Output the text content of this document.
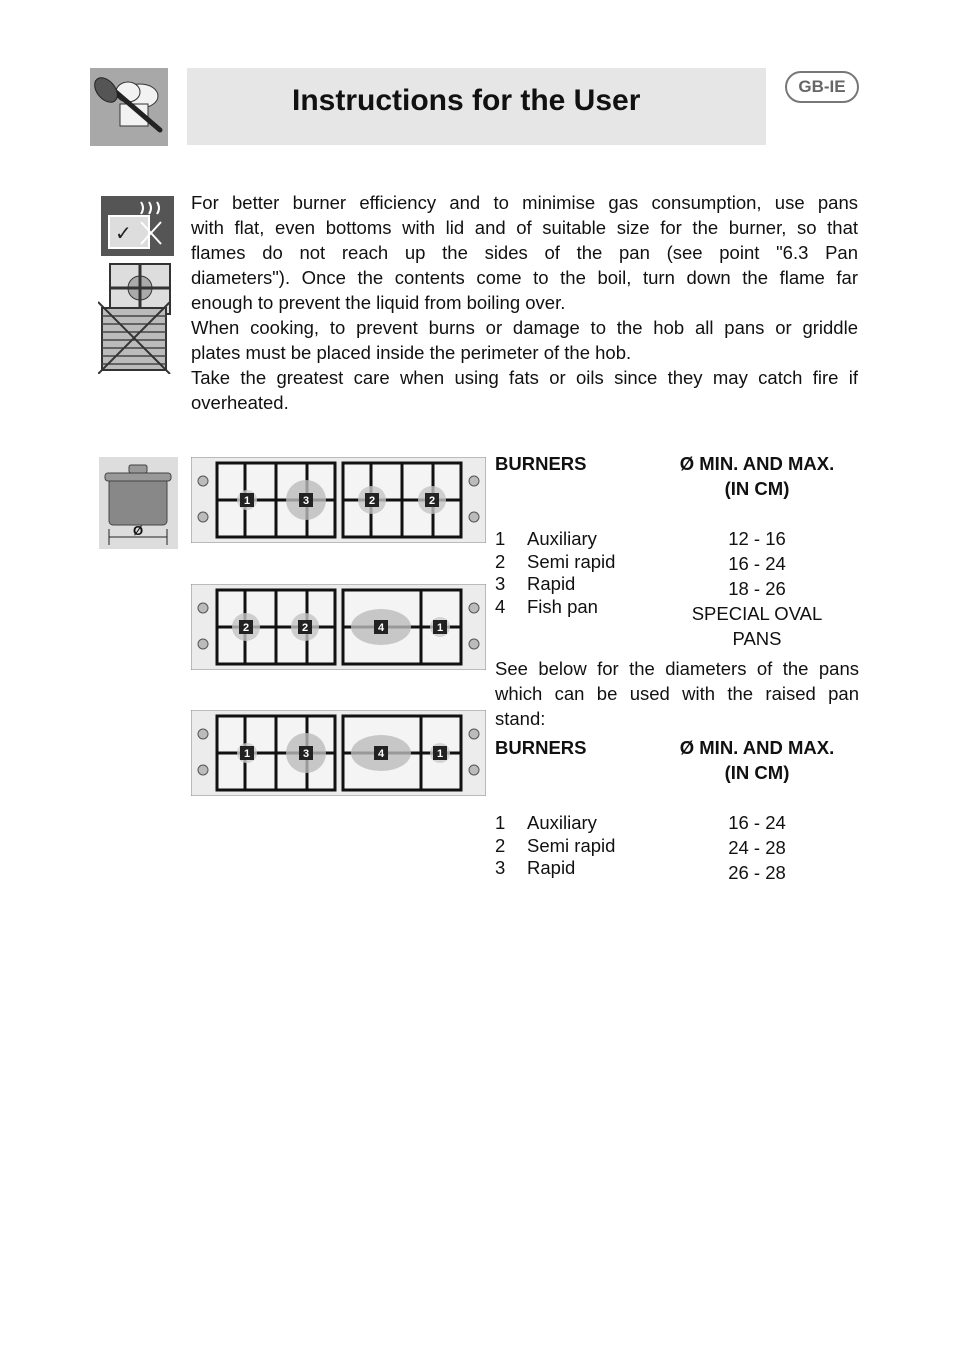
Instructions for the User	GB-IE
✓
For better burner efficiency and to minimise gas consumption, use pans
with flat, even bottoms with lid and of suitable size for the burner, so that
flames do not reach up the sides of the pan (see point "6.3 Pan
diameters"). Once the contents come to the boil, turn down the flame far
enough to prevent the liquid from boiling over.
When cooking, to prevent burns or damage to the hob all pans or griddle
plates must be placed inside the perimeter of the hob.
Take the greatest care when using fats or oils since they may catch fire if
overheated.
Ø
1	3	2	2
2	2	4	1
1	3	4	1
BURNERS	Ø MIN. AND MAX.
(IN CM)
1 Auxiliary	12 - 16
2 Semi rapid	16 - 24
3 Rapid	18 - 26
4 Fish pan	SPECIAL OVAL
PANS
See below for the diameters of the pans
which can be used with the raised pan
stand:
BURNERS	Ø MIN. AND MAX.
(IN CM)
1 Auxiliary	16 - 24
2 Semi rapid	24 - 28
3 Rapid	26 - 28
